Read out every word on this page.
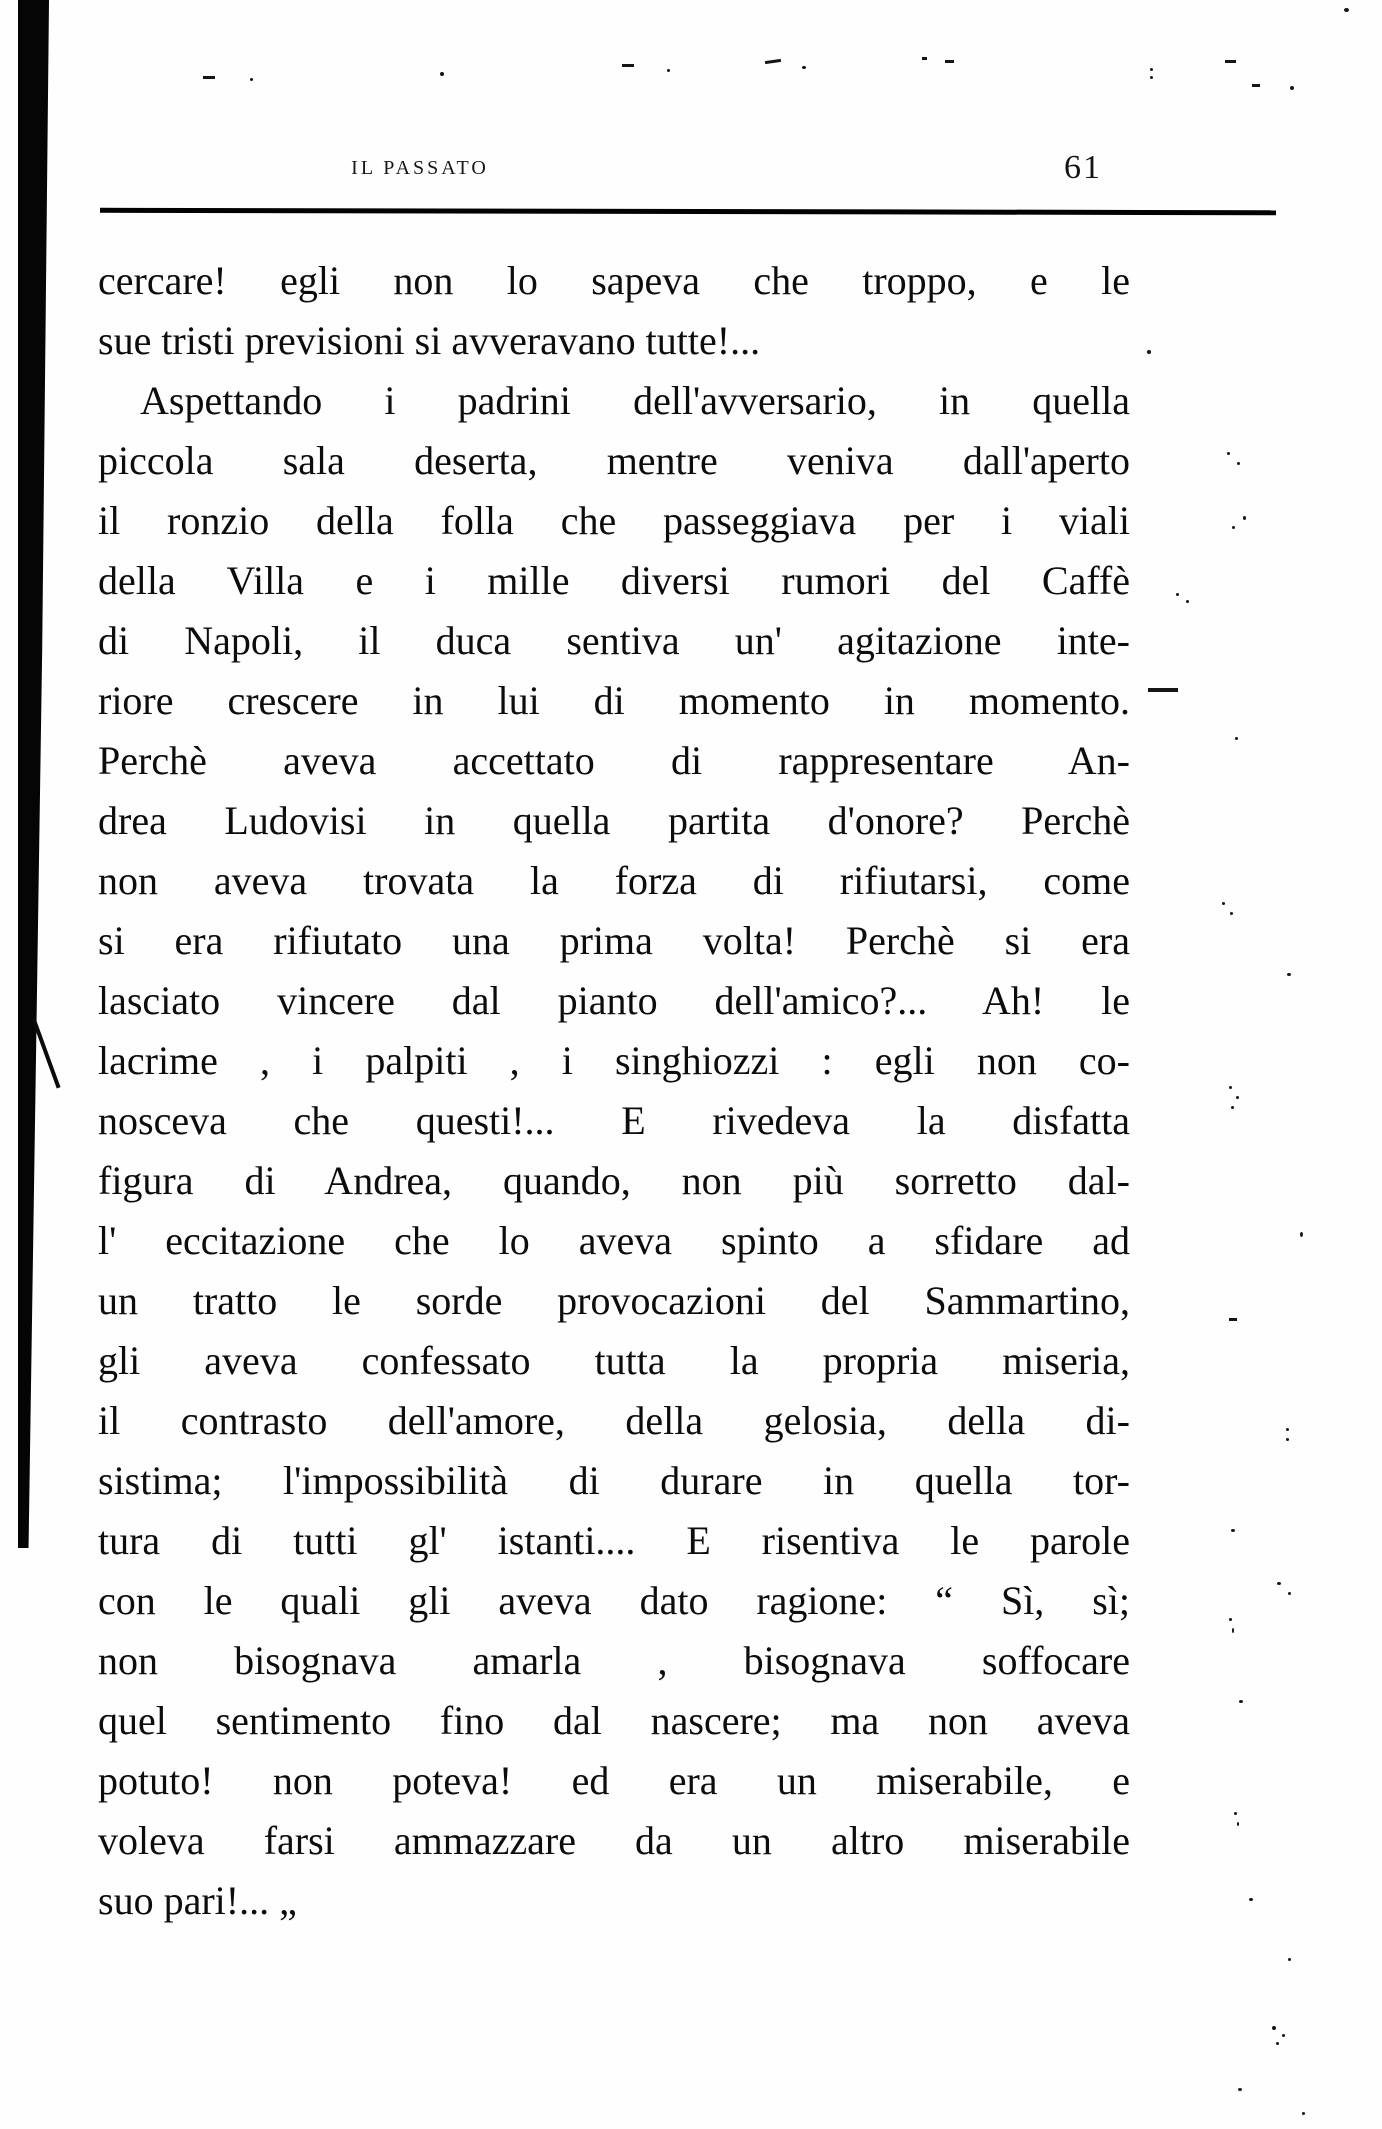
IL PASSATO	61
cercare! egli non lo sapeva che troppo, e le
sue tristi previsioni si avveravano tutte!...
Aspettando i padrini dell'avversario, in quella
piccola sala deserta, mentre veniva dall'aperto
il ronzio della folla che passeggiava per i viali
della Villa e i mille diversi rumori del Caffè
di Napoli, il duca sentiva un' agitazione inte-
riore crescere in lui di momento in momento.
Perchè aveva accettato di rappresentare An-
drea Ludovisi in quella partita d'onore? Perchè
non aveva trovata la forza di rifiutarsi, come
si era rifiutato una prima volta! Perchè si era
lasciato vincere dal pianto dell'amico?... Ah! le
lacrime , i palpiti , i singhiozzi : egli non co-
nosceva che questi!... E rivedeva la disfatta
figura di Andrea, quando, non più sorretto dal-
l' eccitazione che lo aveva spinto a sfidare ad
un tratto le sorde provocazioni del Sammartino,
gli aveva confessato tutta la propria miseria,
il contrasto dell'amore, della gelosia, della di-
sistima; l'impossibilità di durare in quella tor-
tura di tutti gl' istanti.... E risentiva le parole
con le quali gli aveva dato ragione: “ Sì, sì;
non bisognava amarla , bisognava soffocare
quel sentimento fino dal nascere; ma non aveva
potuto! non poteva! ed era un miserabile, e
voleva farsi ammazzare da un altro miserabile
suo pari!... „
